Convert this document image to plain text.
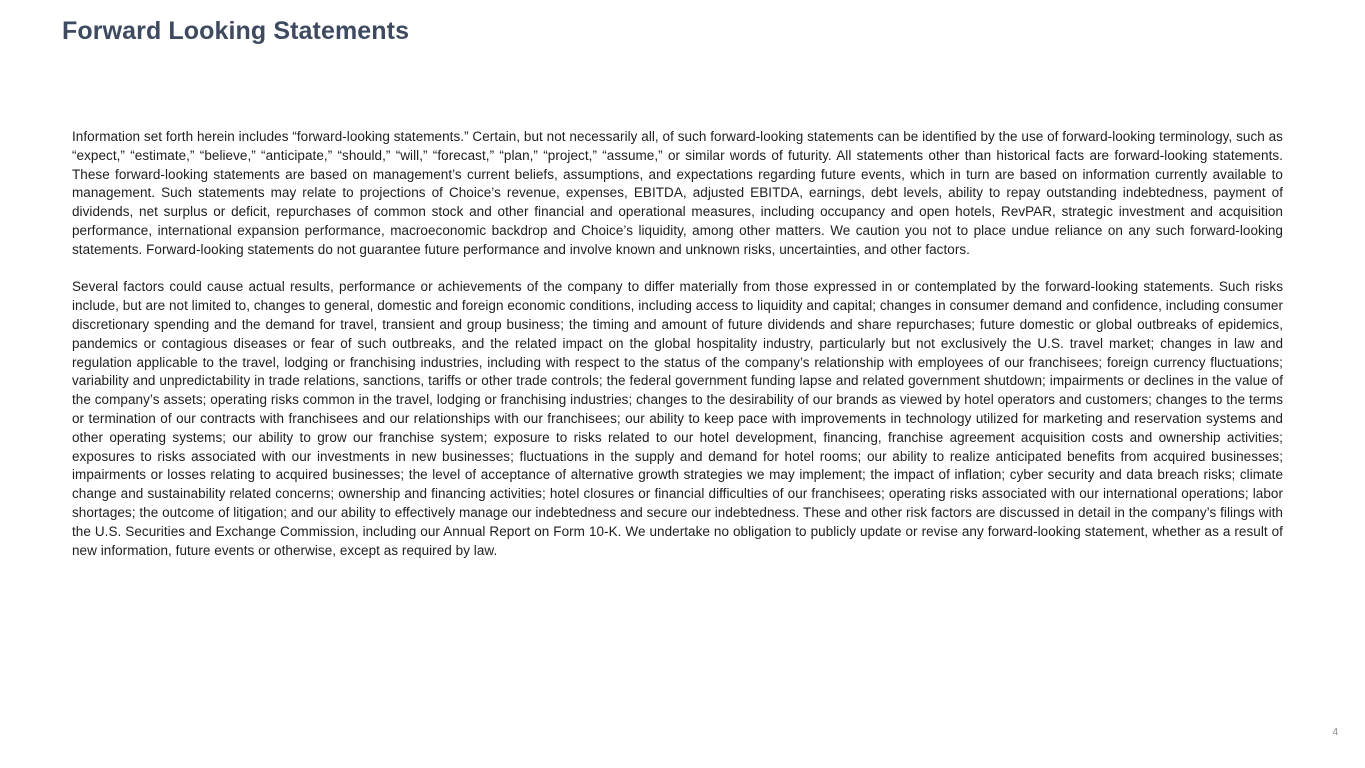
Forward Looking Statements

Information set forth herein includes “forward-looking statements.” Certain, but not necessarily all, of such forward-looking statements can be identified by the use of forward-looking terminology, such as “expect,” “estimate,” “believe,” “anticipate,” “should,” “will,” “forecast,” “plan,” “project,” “assume,” or similar words of futurity. All statements other than historical facts are forward-looking statements. These forward-looking statements are based on management’s current beliefs, assumptions, and expectations regarding future events, which in turn are based on information currently available to management. Such statements may relate to projections of Choice’s revenue, expenses, EBITDA, adjusted EBITDA, earnings, debt levels, ability to repay outstanding indebtedness, payment of dividends, net surplus or deficit, repurchases of common stock and other financial and operational measures, including occupancy and open hotels, RevPAR, strategic investment and acquisition performance, international expansion performance, macroeconomic backdrop and Choice’s liquidity, among other matters. We caution you not to place undue reliance on any such forward-looking statements. Forward-looking statements do not guarantee future performance and involve known and unknown risks, uncertainties, and other factors.

Several factors could cause actual results, performance or achievements of the company to differ materially from those expressed in or contemplated by the forward-looking statements. Such risks include, but are not limited to, changes to general, domestic and foreign economic conditions, including access to liquidity and capital; changes in consumer demand and confidence, including consumer discretionary spending and the demand for travel, transient and group business; the timing and amount of future dividends and share repurchases; future domestic or global outbreaks of epidemics, pandemics or contagious diseases or fear of such outbreaks, and the related impact on the global hospitality industry, particularly but not exclusively the U.S. travel market; changes in law and regulation applicable to the travel, lodging or franchising industries, including with respect to the status of the company’s relationship with employees of our franchisees; foreign currency fluctuations; variability and unpredictability in trade relations, sanctions, tariffs or other trade controls; the federal government funding lapse and related government shutdown; impairments or declines in the value of the company’s assets; operating risks common in the travel, lodging or franchising industries; changes to the desirability of our brands as viewed by hotel operators and customers; changes to the terms or termination of our contracts with franchisees and our relationships with our franchisees; our ability to keep pace with improvements in technology utilized for marketing and reservation systems and other operating systems; our ability to grow our franchise system; exposure to risks related to our hotel development, financing, franchise agreement acquisition costs and ownership activities; exposures to risks associated with our investments in new businesses; fluctuations in the supply and demand for hotel rooms; our ability to realize anticipated benefits from acquired businesses; impairments or losses relating to acquired businesses; the level of acceptance of alternative growth strategies we may implement; the impact of inflation; cyber security and data breach risks; climate change and sustainability related concerns; ownership and financing activities; hotel closures or financial difficulties of our franchisees; operating risks associated with our international operations; labor shortages; the outcome of litigation; and our ability to effectively manage our indebtedness and secure our indebtedness. These and other risk factors are discussed in detail in the company’s filings with the U.S. Securities and Exchange Commission, including our Annual Report on Form 10-K. We undertake no obligation to publicly update or revise any forward-looking statement, whether as a result of new information, future events or otherwise, except as required by law.

4
